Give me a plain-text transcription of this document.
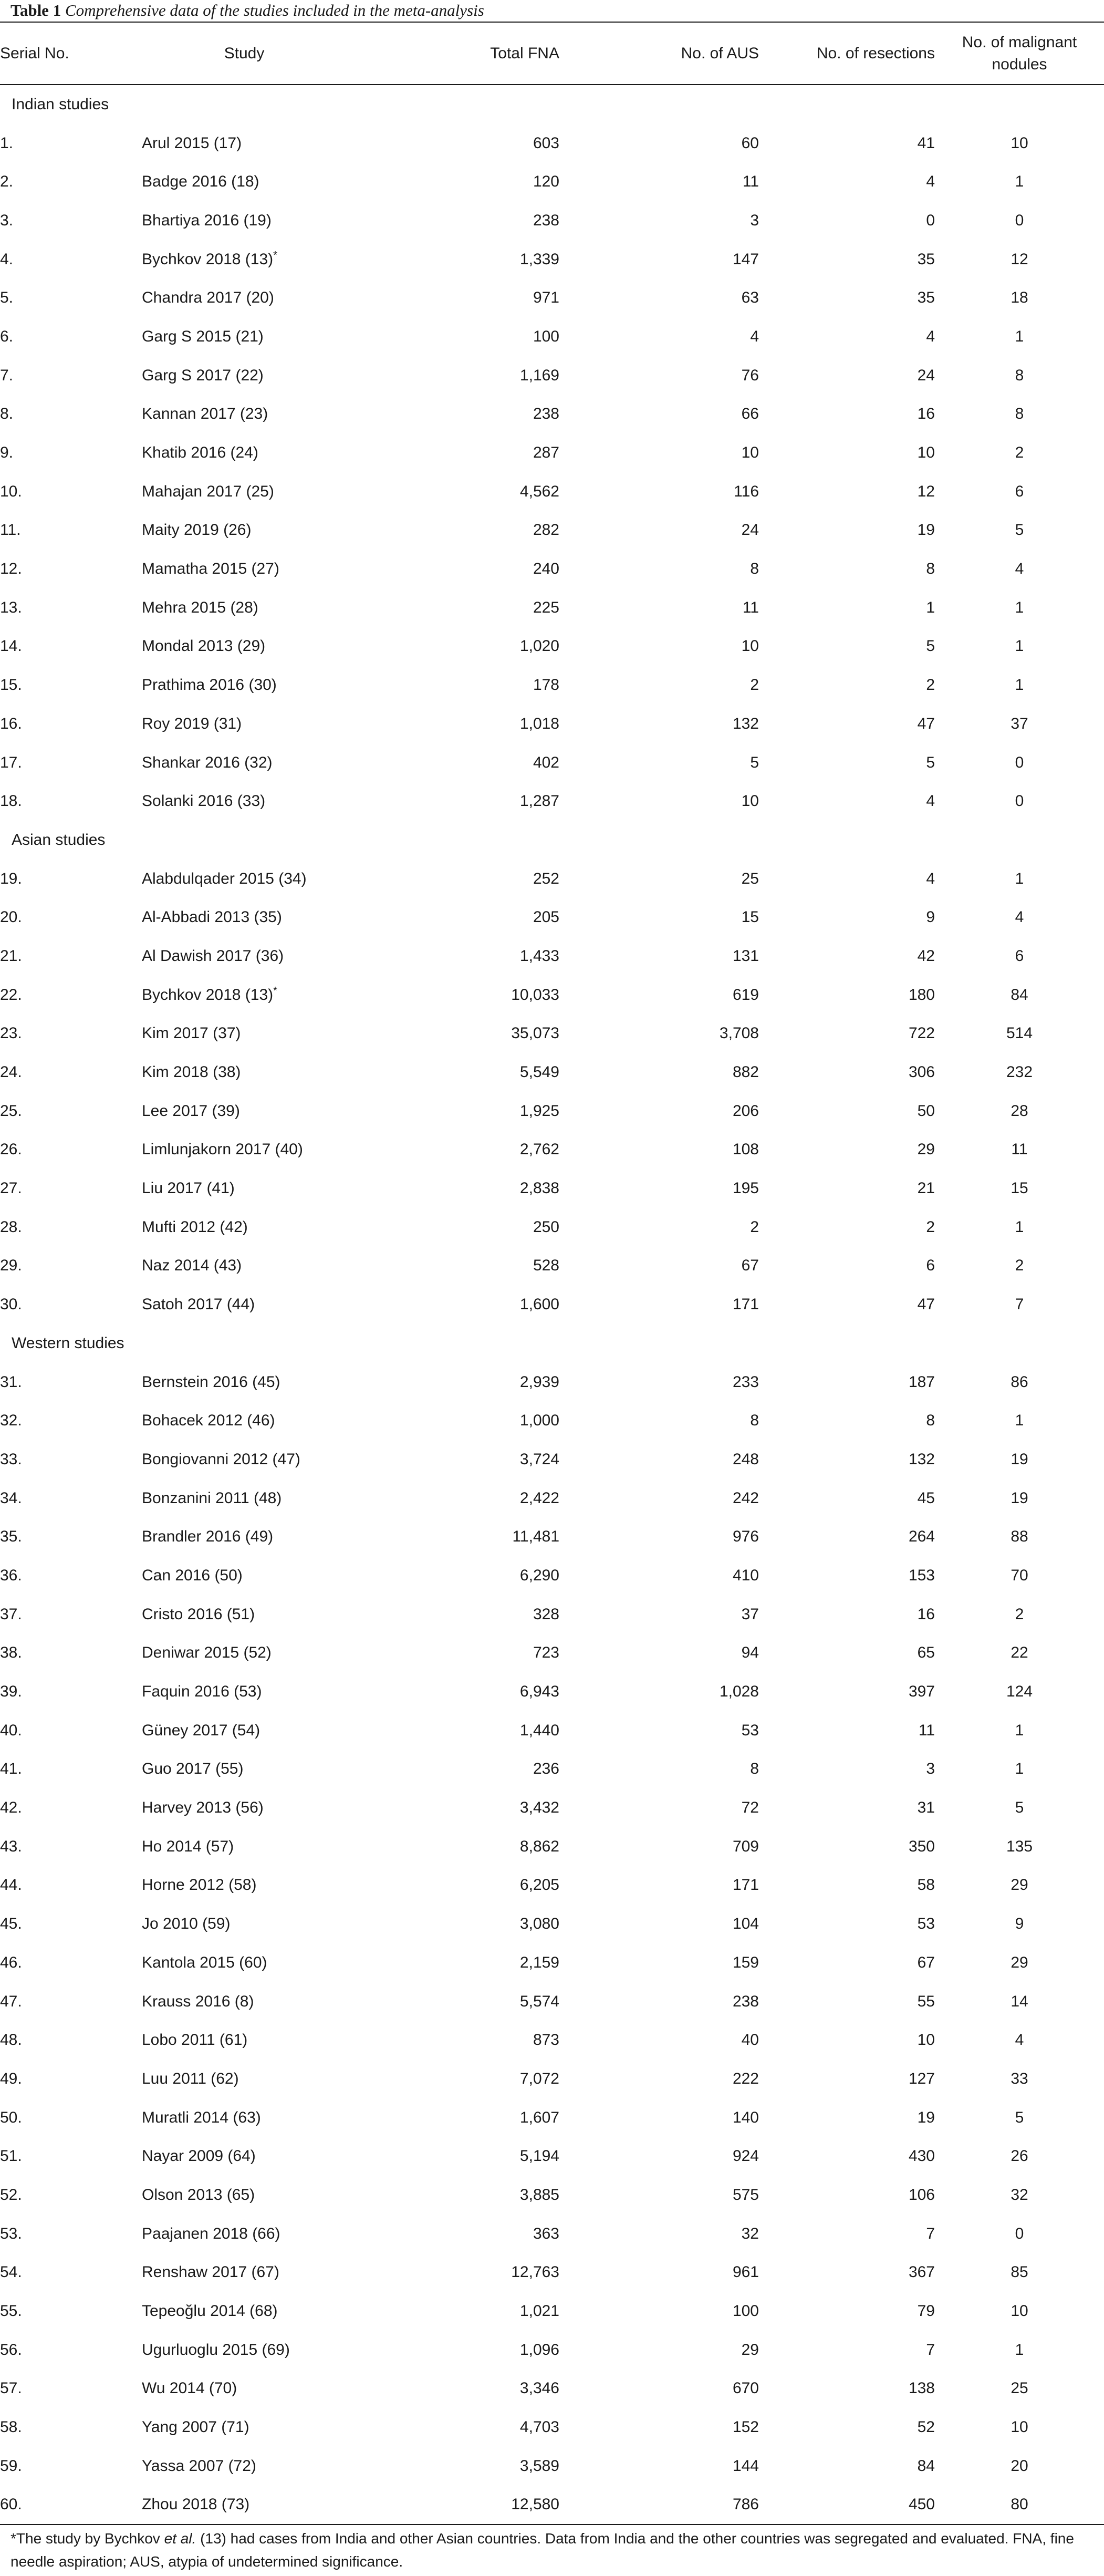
Table 1 Comprehensive data of the studies included in the meta-analysis
Serial No.	Study	Total FNA	No. of AUS	No. of resections	No. of malignant
nodules
Indian studies					
1.	Arul 2015 (17)	603	60	41	10
2.	Badge 2016 (18)	120	11	4	1
3.	Bhartiya 2016 (19)	238	3	0	0
4.	Bychkov 2018 (13)*	1,339	147	35	12
5.	Chandra 2017 (20)	971	63	35	18
6.	Garg S 2015 (21)	100	4	4	1
7.	Garg S 2017 (22)	1,169	76	24	8
8.	Kannan 2017 (23)	238	66	16	8
9.	Khatib 2016 (24)	287	10	10	2
10.	Mahajan 2017 (25)	4,562	116	12	6
11.	Maity 2019 (26)	282	24	19	5
12.	Mamatha 2015 (27)	240	8	8	4
13.	Mehra 2015 (28)	225	11	1	1
14.	Mondal 2013 (29)	1,020	10	5	1
15.	Prathima 2016 (30)	178	2	2	1
16.	Roy 2019 (31)	1,018	132	47	37
17.	Shankar 2016 (32)	402	5	5	0
18.	Solanki 2016 (33)	1,287	10	4	0
Asian studies					
19.	Alabdulqader 2015 (34)	252	25	4	1
20.	Al-Abbadi 2013 (35)	205	15	9	4
21.	Al Dawish 2017 (36)	1,433	131	42	6
22.	Bychkov 2018 (13)*	10,033	619	180	84
23.	Kim 2017 (37)	35,073	3,708	722	514
24.	Kim 2018 (38)	5,549	882	306	232
25.	Lee 2017 (39)	1,925	206	50	28
26.	Limlunjakorn 2017 (40)	2,762	108	29	11
27.	Liu 2017 (41)	2,838	195	21	15
28.	Mufti 2012 (42)	250	2	2	1
29.	Naz 2014 (43)	528	67	6	2
30.	Satoh 2017 (44)	1,600	171	47	7
Western studies					
31.	Bernstein 2016 (45)	2,939	233	187	86
32.	Bohacek 2012 (46)	1,000	8	8	1
33.	Bongiovanni 2012 (47)	3,724	248	132	19
34.	Bonzanini 2011 (48)	2,422	242	45	19
35.	Brandler 2016 (49)	11,481	976	264	88
36.	Can 2016 (50)	6,290	410	153	70
37.	Cristo 2016 (51)	328	37	16	2
38.	Deniwar 2015 (52)	723	94	65	22
39.	Faquin 2016 (53)	6,943	1,028	397	124
40.	Güney 2017 (54)	1,440	53	11	1
41.	Guo 2017 (55)	236	8	3	1
42.	Harvey 2013 (56)	3,432	72	31	5
43.	Ho 2014 (57)	8,862	709	350	135
44.	Horne 2012 (58)	6,205	171	58	29
45.	Jo 2010 (59)	3,080	104	53	9
46.	Kantola 2015 (60)	2,159	159	67	29
47.	Krauss 2016 (8)	5,574	238	55	14
48.	Lobo 2011 (61)	873	40	10	4
49.	Luu 2011 (62)	7,072	222	127	33
50.	Muratli 2014 (63)	1,607	140	19	5
51.	Nayar 2009 (64)	5,194	924	430	26
52.	Olson 2013 (65)	3,885	575	106	32
53.	Paajanen 2018 (66)	363	32	7	0
54.	Renshaw 2017 (67)	12,763	961	367	85
55.	Tepeoğlu 2014 (68)	1,021	100	79	10
56.	Ugurluoglu 2015 (69)	1,096	29	7	1
57.	Wu 2014 (70)	3,346	670	138	25
58.	Yang 2007 (71)	4,703	152	52	10
59.	Yassa 2007 (72)	3,589	144	84	20
60.	Zhou 2018 (73)	12,580	786	450	80
*The study by Bychkov et al. (13) had cases from India and other Asian countries. Data from India and the other countries was segregated and evaluated. FNA, fine needle aspiration; AUS, atypia of undetermined significance.
